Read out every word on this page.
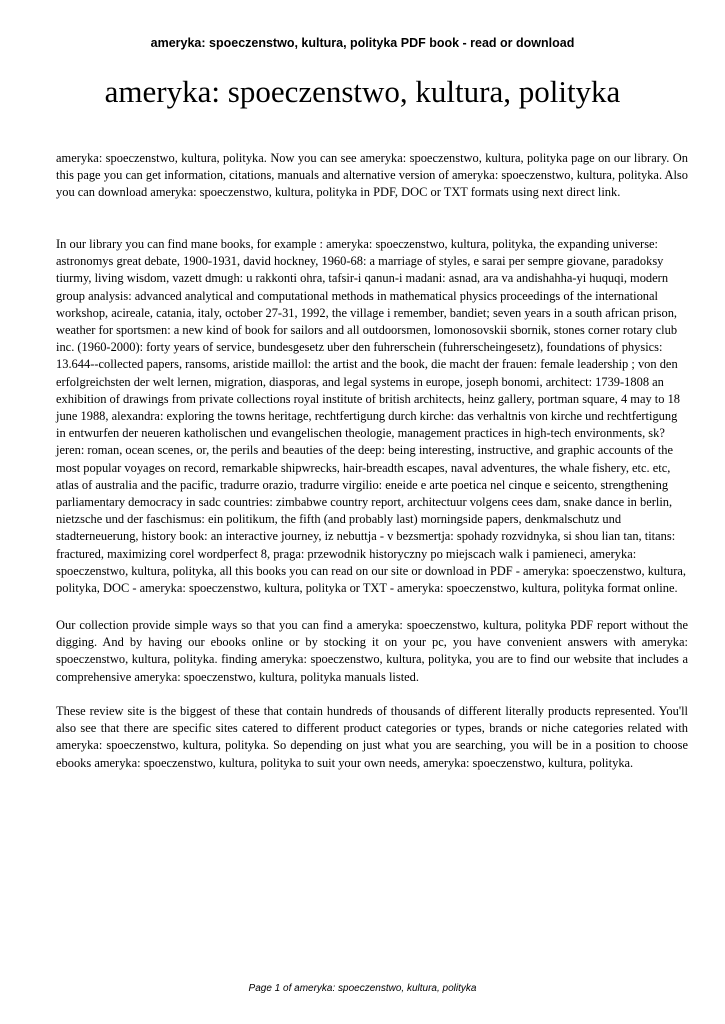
ameryka: spoeczenstwo, kultura, polityka PDF book - read or download
ameryka: spoeczenstwo, kultura, polityka

ameryka: spoeczenstwo, kultura, polityka. Now you can see ameryka: spoeczenstwo, kultura, polityka page on our library. On this page you can get information, citations, manuals and alternative version of ameryka: spoeczenstwo, kultura, polityka. Also you can download ameryka: spoeczenstwo, kultura, polityka in PDF, DOC or TXT formats using next direct link.

In our library you can find mane books, for example : ameryka: spoeczenstwo, kultura, polityka, the expanding universe: astronomys great debate, 1900-1931, david hockney, 1960-68: a marriage of styles, e sarai per sempre giovane, paradoksy tiurmy, living wisdom, vazett dmugh: u rakkonti ohra, tafsir-i qanun-i madani: asnad, ara va andishahha-yi huquqi, modern group analysis: advanced analytical and computational methods in mathematical physics proceedings of the international workshop, acireale, catania, italy, october 27-31, 1992, the village i remember, bandiet; seven years in a south african prison, weather for sportsmen: a new kind of book for sailors and all outdoorsmen, lomonosovskii sbornik, stones corner rotary club inc. (1960-2000): forty years of service, bundesgesetz uber den fuhrerschein (fuhrerscheingesetz), foundations of physics: 13.644--collected papers, ransoms, aristide maillol: the artist and the book, die macht der frauen: female leadership ; von den erfolgreichsten der welt lernen, migration, diasporas, and legal systems in europe, joseph bonomi, architect: 1739-1808 an exhibition of drawings from private collections royal institute of british architects, heinz gallery, portman square, 4 may to 18 june 1988, alexandra: exploring the towns heritage, rechtfertigung durch kirche: das verhaltnis von kirche und rechtfertigung in entwurfen der neueren katholischen und evangelischen theologie, management practices in high-tech environments, sk?jeren: roman, ocean scenes, or, the perils and beauties of the deep: being interesting, instructive, and graphic accounts of the most popular voyages on record, remarkable shipwrecks, hair-breadth escapes, naval adventures, the whale fishery, etc. etc, atlas of australia and the pacific, tradurre orazio, tradurre virgilio: eneide e arte poetica nel cinque e seicento, strengthening parliamentary democracy in sadc countries: zimbabwe country report, architectuur volgens cees dam, snake dance in berlin, nietzsche und der faschismus: ein politikum, the fifth (and probably last) morningside papers, denkmalschutz und stadterneuerung, history book: an interactive journey, iz nebuttja - v bezsmertja: spohady rozvidnyka, si shou lian tan, titans: fractured, maximizing corel wordperfect 8, praga: przewodnik historyczny po miejscach walk i pamieneci, ameryka: spoeczenstwo, kultura, polityka, all this books you can read on our site or download in PDF - ameryka: spoeczenstwo, kultura, polityka, DOC - ameryka: spoeczenstwo, kultura, polityka or TXT - ameryka: spoeczenstwo, kultura, polityka format online.

Our collection provide simple ways so that you can find a ameryka: spoeczenstwo, kultura, polityka PDF report without the digging. And by having our ebooks online or by stocking it on your pc, you have convenient answers with ameryka: spoeczenstwo, kultura, polityka. finding ameryka: spoeczenstwo, kultura, polityka, you are to find our website that includes a comprehensive ameryka: spoeczenstwo, kultura, polityka manuals listed.

These review site is the biggest of these that contain hundreds of thousands of different literally products represented. You'll also see that there are specific sites catered to different product categories or types, brands or niche categories related with ameryka: spoeczenstwo, kultura, polityka. So depending on just what you are searching, you will be in a position to choose ebooks ameryka: spoeczenstwo, kultura, polityka to suit your own needs, ameryka: spoeczenstwo, kultura, polityka.

Page 1 of ameryka: spoeczenstwo, kultura, polityka
